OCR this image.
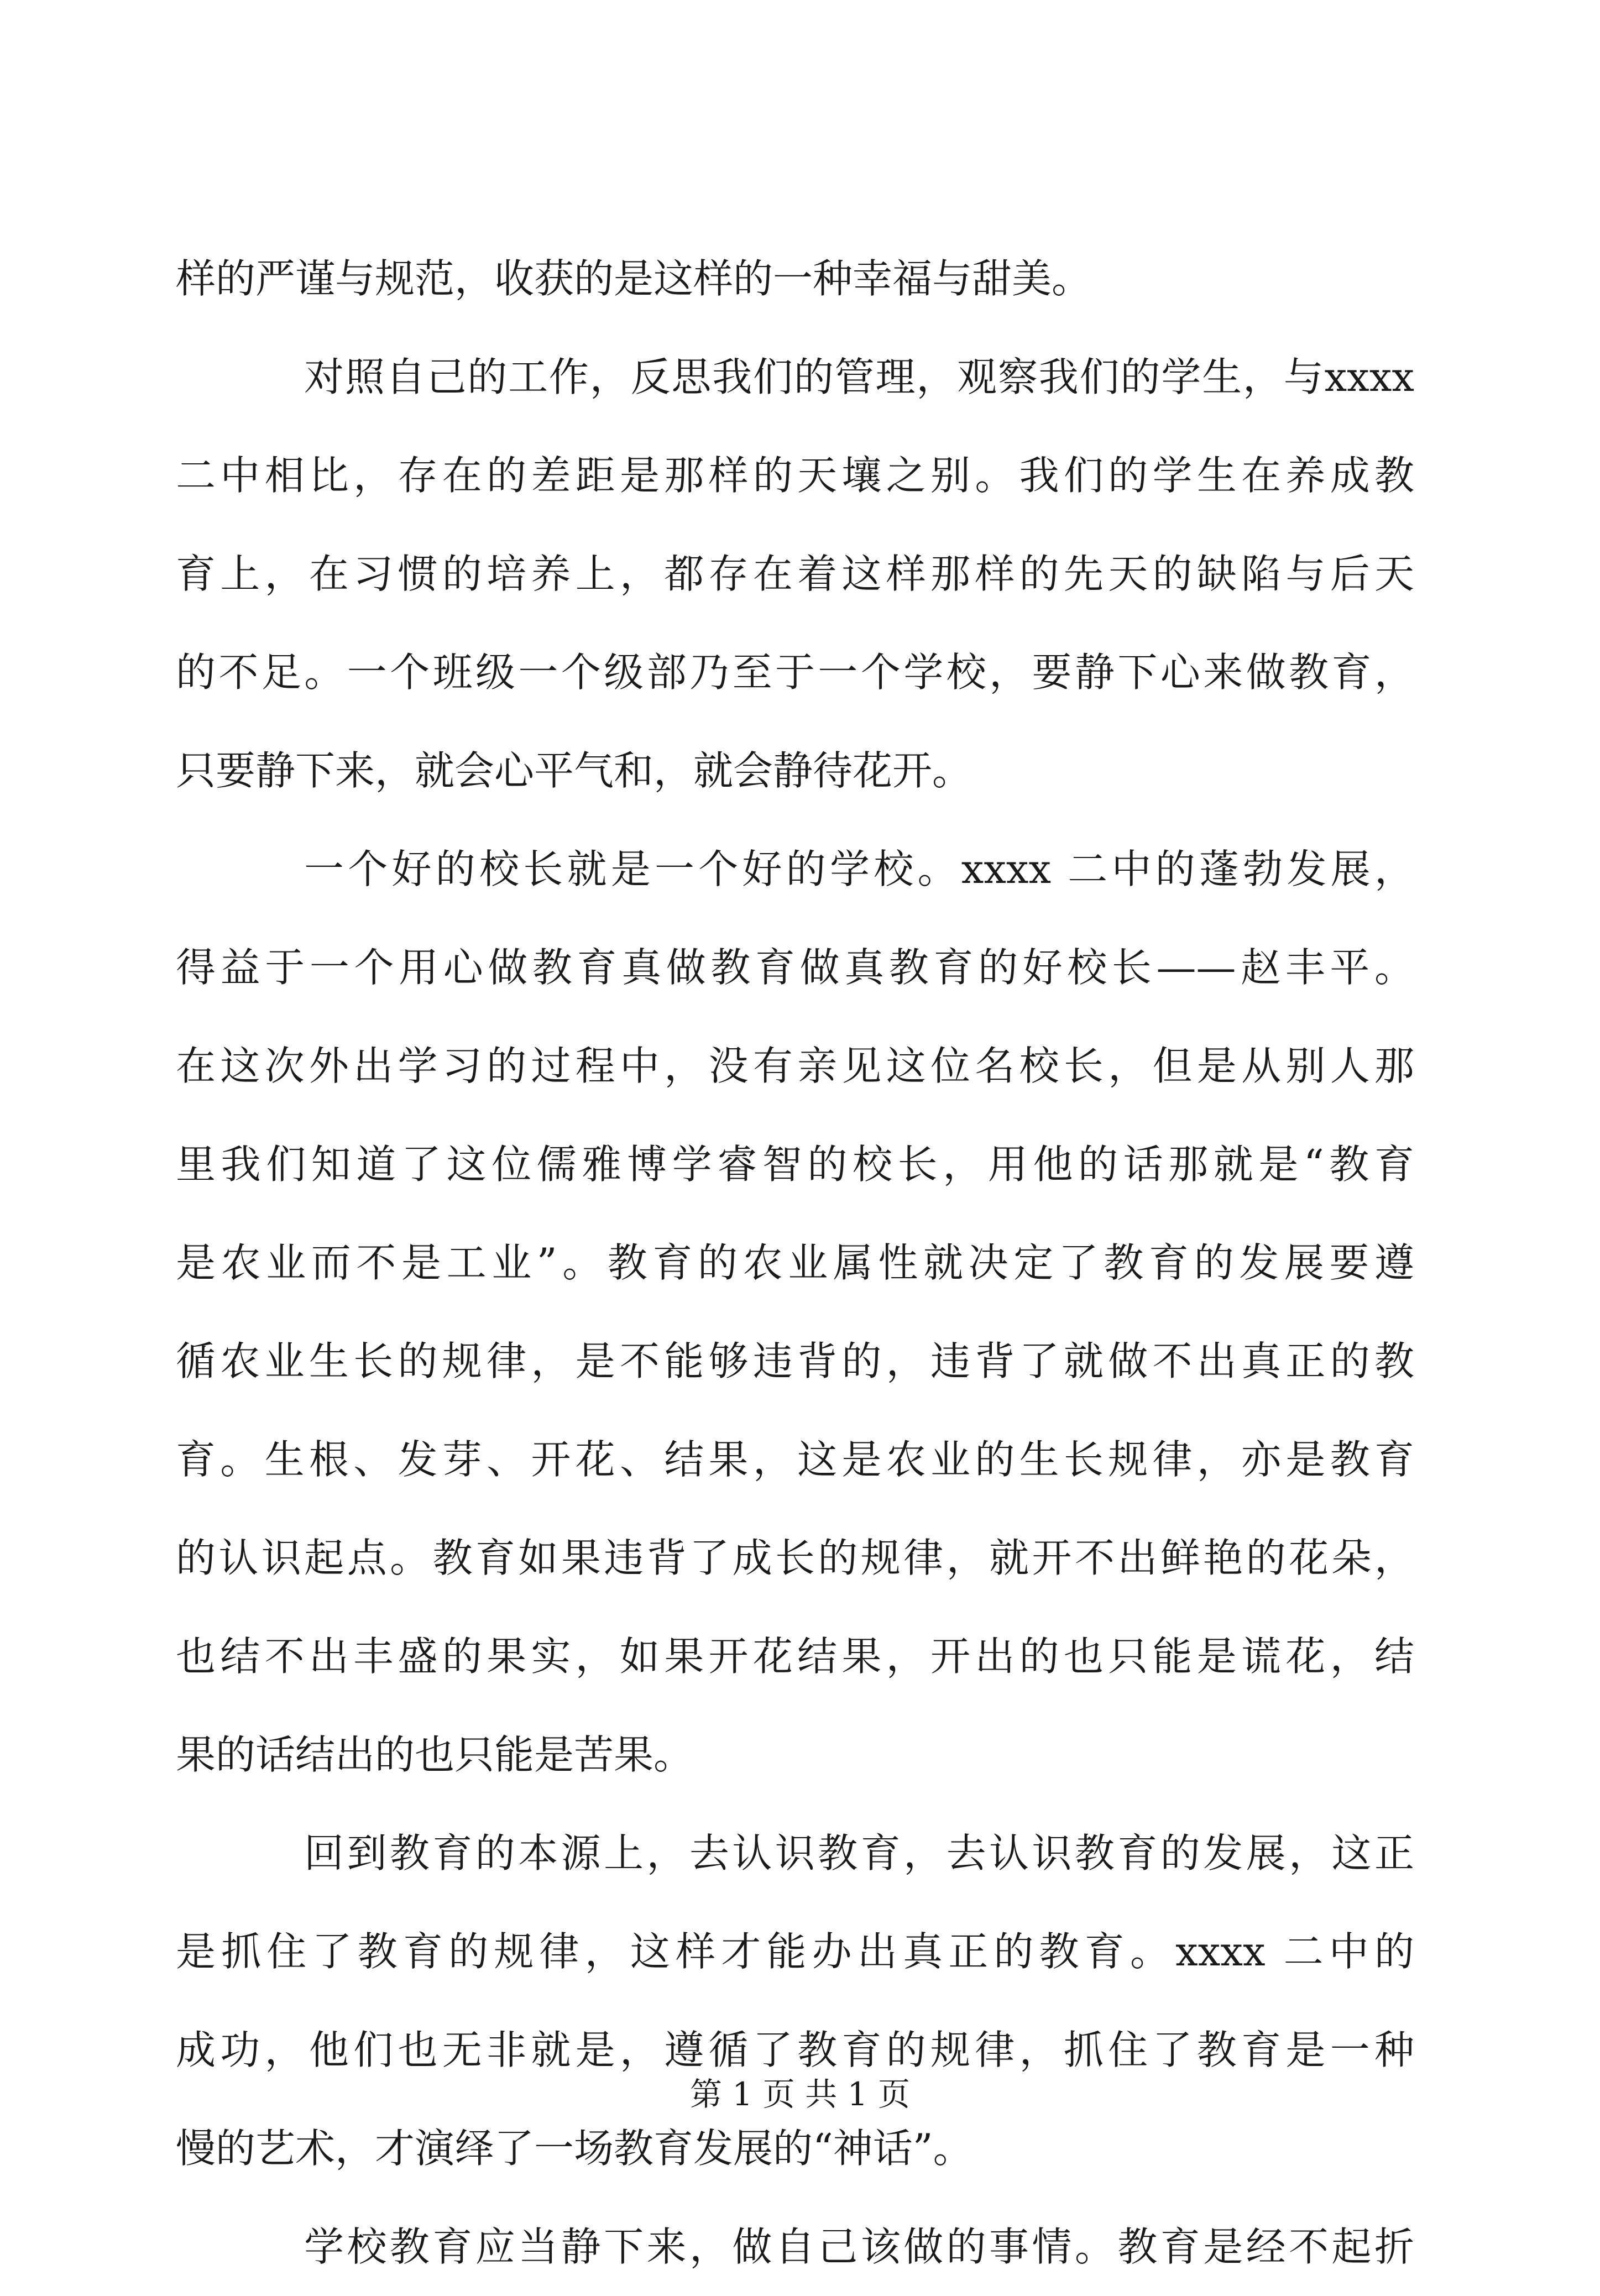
样的严谨与规范，收获的是这样的一种幸福与甜美。
对照自己的工作，反思我们的管理，观察我们的学生，与xxxx
二中相比，存在的差距是那样的天壤之别。我们的学生在养成教
育上，在习惯的培养上，都存在着这样那样的先天的缺陷与后天
的不足。一个班级一个级部乃至于一个学校，要静下心来做教育，
只要静下来，就会心平气和，就会静待花开。
一个好的校长就是一个好的学校。xxxx 二中的蓬勃发展，
得益于一个用心做教育真做教育做真教育的好校长——赵丰平。
在这次外出学习的过程中，没有亲见这位名校长，但是从别人那
里我们知道了这位儒雅博学睿智的校长，用他的话那就是“教育
是农业而不是工业”。教育的农业属性就决定了教育的发展要遵
循农业生长的规律，是不能够违背的，违背了就做不出真正的教
育。生根、发芽、开花、结果，这是农业的生长规律，亦是教育
的认识起点。教育如果违背了成长的规律，就开不出鲜艳的花朵，
也结不出丰盛的果实，如果开花结果，开出的也只能是谎花，结
果的话结出的也只能是苦果。
回到教育的本源上，去认识教育，去认识教育的发展，这正
是抓住了教育的规律，这样才能办出真正的教育。xxxx 二中的
成功，他们也无非就是，遵循了教育的规律，抓住了教育是一种
慢的艺术，才演绎了一场教育发展的“神话”。
学校教育应当静下来，做自己该做的事情。教育是经不起折
第 1 页 共 1 页
